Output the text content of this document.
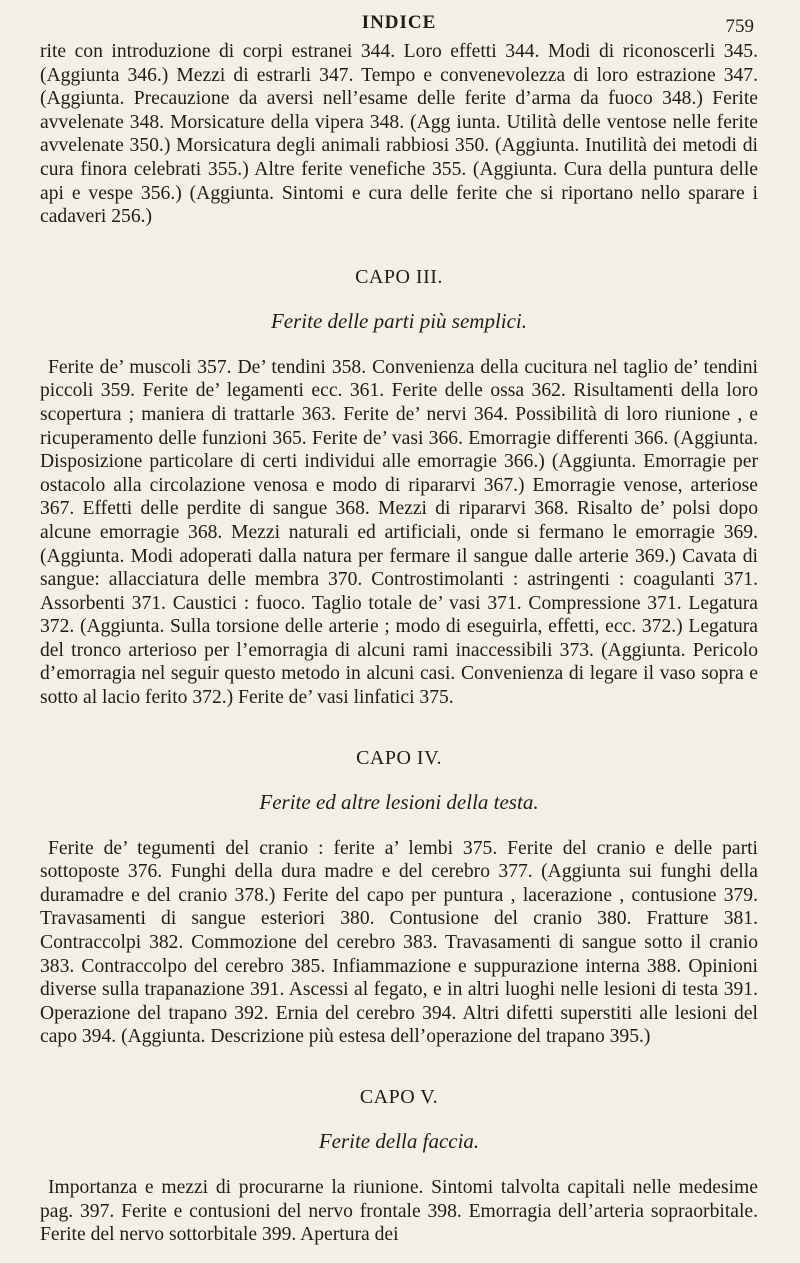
INDICE	759

rite con introduzione di corpi estranei 344. Loro effetti 344. Modi di riconoscerli 345. (Aggiunta 346.) Mezzi di estrarli 347. Tempo e convenevolezza di loro estrazione 347. (Aggiunta. Precauzione da aversi nell’esame delle ferite d’arma da fuoco 348.) Ferite avvelenate 348. Morsicature della vipera 348. (Agg iunta. Utilità delle ventose nelle ferite avvelenate 350.) Morsicatura degli animali rabbiosi 350. (Aggiunta. Inutilità dei metodi di cura finora celebrati 355.) Altre ferite venefiche 355. (Aggiunta. Cura della puntura delle api e vespe 356.) (Aggiunta. Sintomi e cura delle ferite che si riportano nello sparare i cadaveri 256.)

CAPO III.
Ferite delle parti più semplici.

Ferite de’ muscoli 357. De’ tendini 358. Convenienza della cucitura nel taglio de’ tendini piccoli 359. Ferite de’ legamenti ecc. 361. Ferite delle ossa 362. Risultamenti della loro scopertura ; maniera di trattarle 363. Ferite de’ nervi 364. Possibilità di loro riunione , e ricuperamento delle funzioni 365. Ferite de’ vasi 366. Emorragie differenti 366. (Aggiunta. Disposizione particolare di certi individui alle emorragie 366.) (Aggiunta. Emorragie per ostacolo alla circolazione venosa e modo di ripararvi 367.) Emorragie venose, arteriose 367. Effetti delle perdite di sangue 368. Mezzi di ripararvi 368. Risalto de’ polsi dopo alcune emorragie 368. Mezzi naturali ed artificiali, onde si fermano le emorragie 369. (Aggiunta. Modi adoperati dalla natura per fermare il sangue dalle arterie 369.) Cavata di sangue: allacciatura delle membra 370. Controstimolanti : astringenti : coagulanti 371. Assorbenti 371. Caustici : fuoco. Taglio totale de’ vasi 371. Compressione 371. Legatura 372. (Aggiunta. Sulla torsione delle arterie ; modo di eseguirla, effetti, ecc. 372.) Legatura del tronco arterioso per l’emorragia di alcuni rami inaccessibili 373. (Aggiunta. Pericolo d’emorragia nel seguir questo metodo in alcuni casi. Convenienza di legare il vaso sopra e sotto al lacio ferito 372.) Ferite de’ vasi linfatici 375.

CAPO IV.
Ferite ed altre lesioni della testa.

Ferite de’ tegumenti del cranio : ferite a’ lembi 375. Ferite del cranio e delle parti sottoposte 376. Funghi della dura madre e del cerebro 377. (Aggiunta sui funghi della duramadre e del cranio 378.) Ferite del capo per puntura , lacerazione , contusione 379. Travasamenti di sangue esteriori 380. Contusione del cranio 380. Fratture 381. Contraccolpi 382. Commozione del cerebro 383. Travasamenti di sangue sotto il cranio 383. Contraccolpo del cerebro 385. Infiammazione e suppurazione interna 388. Opinioni diverse sulla trapanazione 391. Ascessi al fegato, e in altri luoghi nelle lesioni di testa 391. Operazione del trapano 392. Ernia del cerebro 394. Altri difetti superstiti alle lesioni del capo 394. (Aggiunta. Descrizione più estesa dell’operazione del trapano 395.)

CAPO V.
Ferite della faccia.

Importanza e mezzi di procurarne la riunione. Sintomi talvolta capitali nelle medesime pag. 397. Ferite e contusioni del nervo frontale 398. Emorragia dell’arteria sopraorbitale. Ferite del nervo sottorbitale 399. Apertura dei
